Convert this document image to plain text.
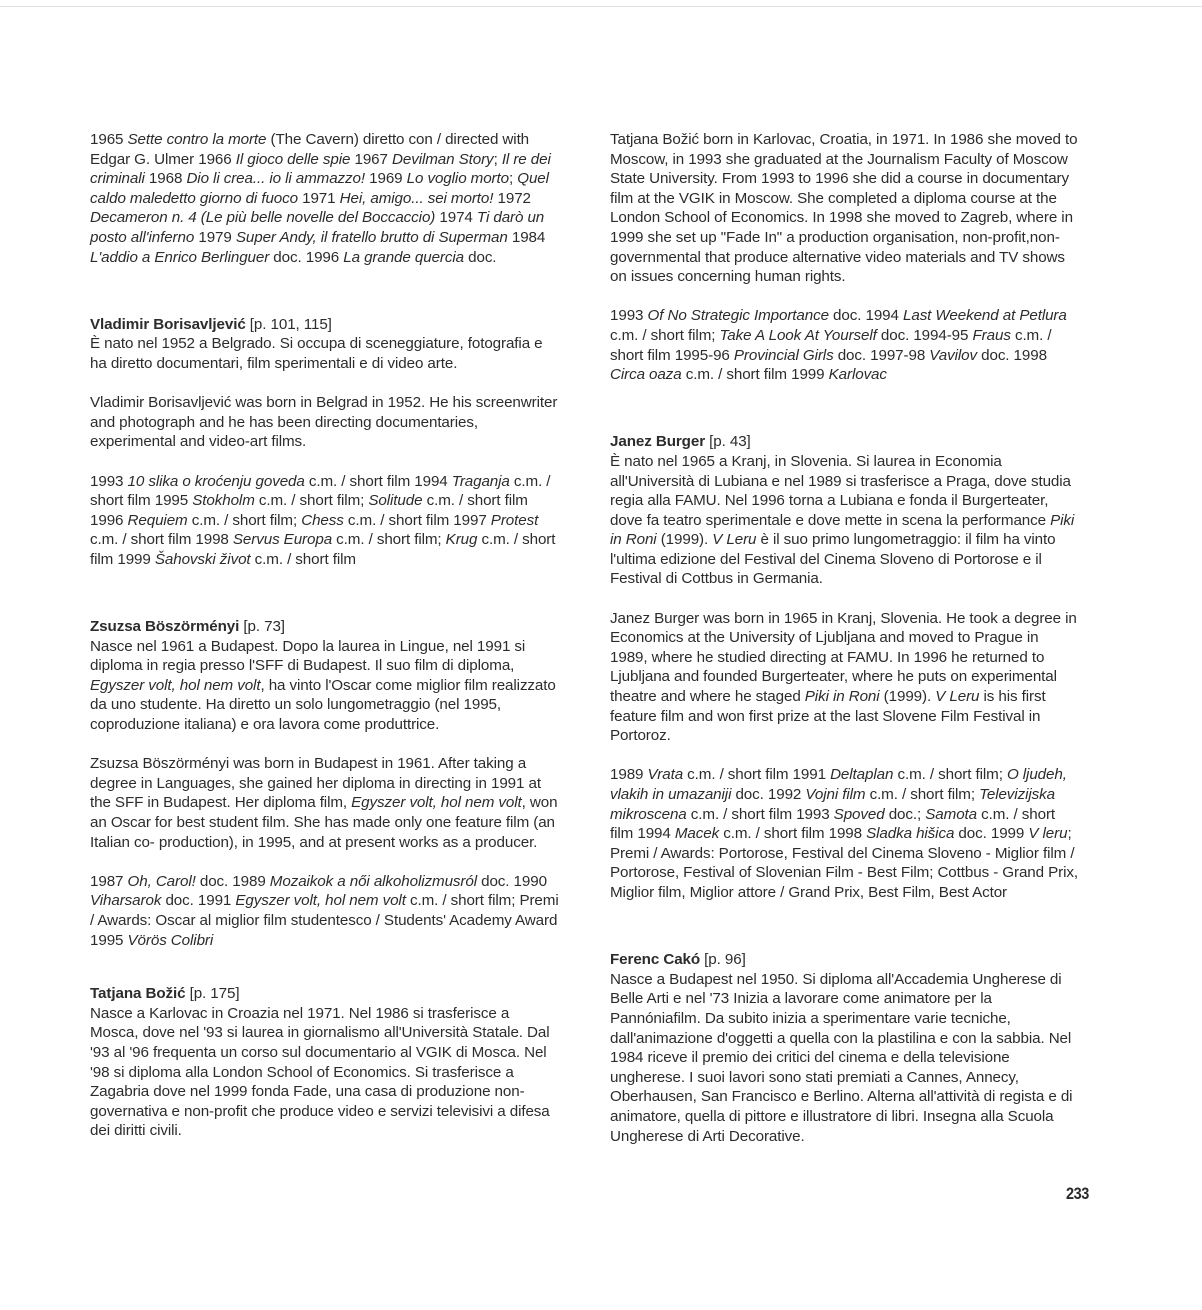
1965 Sette contro la morte (The Cavern) diretto con / directed with Edgar G. Ulmer 1966 Il gioco delle spie 1967 Devilman Story; Il re dei criminali 1968 Dio li crea... io li ammazzo! 1969 Lo voglio morto; Quel caldo maledetto giorno di fuoco 1971 Hei, amigo... sei morto! 1972 Decameron n. 4 (Le più belle novelle del Boccaccio) 1974 Ti darò un posto all'inferno 1979 Super Andy, il fratello brutto di Superman 1984 L'addio a Enrico Berlinguer doc. 1996 La grande quercia doc.

Vladimir Borisavljević [p. 101, 115]

È nato nel 1952 a Belgrado. Si occupa di sceneggiature, fotografia e ha diretto documentari, film sperimentali e di video arte.

Vladimir Borisavljević was born in Belgrad in 1952. He his screenwriter and photograph and he has been directing documentaries, experimental and video-art films.

1993 10 slika o kroćenju goveda c.m. / short film 1994 Traganja c.m. / short film 1995 Stokholm c.m. / short film; Solitude c.m. / short film 1996 Requiem c.m. / short film; Chess c.m. / short film 1997 Protest c.m. / short film 1998 Servus Europa c.m. / short film; Krug c.m. / short film 1999 Šahovski život c.m. / short film

Zsuzsa Böszörményi [p. 73]

Nasce nel 1961 a Budapest. Dopo la laurea in Lingue, nel 1991 si diploma in regia presso l'SFF di Budapest. Il suo film di diploma, Egyszer volt, hol nem volt, ha vinto l'Oscar come miglior film realizzato da uno studente. Ha diretto un solo lungometraggio (nel 1995, coproduzione italiana) e ora lavora come produttrice.

Zsuzsa Böszörményi was born in Budapest in 1961. After taking a degree in Languages, she gained her diploma in directing in 1991 at the SFF in Budapest. Her diploma film, Egyszer volt, hol nem volt, won an Oscar for best student film. She has made only one feature film (an Italian co- production), in 1995, and at present works as a producer.

1987 Oh, Carol! doc. 1989 Mozaikok a női alkoholizmusról doc. 1990 Viharsarok doc. 1991 Egyszer volt, hol nem volt c.m. / short film; Premi / Awards: Oscar al miglior film studentesco / Students' Academy Award 1995 Vörös Colibri

Tatjana Božić [p. 175]

Nasce a Karlovac in Croazia nel 1971. Nel 1986 si trasferisce a Mosca, dove nel '93 si laurea in giornalismo all'Università Statale. Dal '93 al '96 frequenta un corso sul documentario al VGIK di Mosca. Nel '98 si diploma alla London School of Economics. Si trasferisce a Zagabria dove nel 1999 fonda Fade, una casa di produzione non-governativa e non-profit che produce video e servizi televisivi a difesa dei diritti civili.

Tatjana Božić born in Karlovac, Croatia, in 1971. In 1986 she moved to Moscow, in 1993 she graduated at the Journalism Faculty of Moscow State University. From 1993 to 1996 she did a course in documentary film at the VGIK in Moscow. She completed a diploma course at the London School of Economics. In 1998 she moved to Zagreb, where in 1999 she set up "Fade In" a production organisation, non-profit,non-governmental that produce alternative video materials and TV shows on issues concerning human rights.

1993 Of No Strategic Importance doc. 1994 Last Weekend at Petlura c.m. / short film; Take A Look At Yourself doc. 1994-95 Fraus c.m. / short film 1995-96 Provincial Girls doc. 1997-98 Vavilov doc. 1998 Circa oaza c.m. / short film 1999 Karlovac

Janez Burger [p. 43]

È nato nel 1965 a Kranj, in Slovenia. Si laurea in Economia all'Università di Lubiana e nel 1989 si trasferisce a Praga, dove studia regia alla FAMU. Nel 1996 torna a Lubiana e fonda il Burgerteater, dove fa teatro sperimentale e dove mette in scena la performance Piki in Roni (1999). V Leru è il suo primo lungometraggio: il film ha vinto l'ultima edizione del Festival del Cinema Sloveno di Portorose e il Festival di Cottbus in Germania.

Janez Burger was born in 1965 in Kranj, Slovenia. He took a degree in Economics at the University of Ljubljana and moved to Prague in 1989, where he studied directing at FAMU. In 1996 he returned to Ljubljana and founded Burgerteater, where he puts on experimental theatre and where he staged Piki in Roni (1999). V Leru is his first feature film and won first prize at the last Slovene Film Festival in Portoroz.

1989 Vrata c.m. / short film 1991 Deltaplan c.m. / short film; O ljudeh, vlakih in umazaniji doc. 1992 Vojni film c.m. / short film; Televizijska mikroscena c.m. / short film 1993 Spoved doc.; Samota c.m. / short film 1994 Macek c.m. / short film 1998 Sladka hišica doc. 1999 V leru; Premi / Awards: Portorose, Festival del Cinema Sloveno - Miglior film / Portorose, Festival of Slovenian Film - Best Film; Cottbus - Grand Prix, Miglior film, Miglior attore / Grand Prix, Best Film, Best Actor

Ferenc Cakó [p. 96]

Nasce a Budapest nel 1950. Si diploma all'Accademia Ungherese di Belle Arti e nel '73 Inizia a lavorare come animatore per la Pannóniafilm. Da subito inizia a sperimentare varie tecniche, dall'animazione d'oggetti a quella con la plastilina e con la sabbia. Nel 1984 riceve il premio dei critici del cinema e della televisione ungherese. I suoi lavori sono stati premiati a Cannes, Annecy, Oberhausen, San Francisco e Berlino. Alterna all'attività di regista e di animatore, quella di pittore e illustratore di libri. Insegna alla Scuola Ungherese di Arti Decorative.

233
